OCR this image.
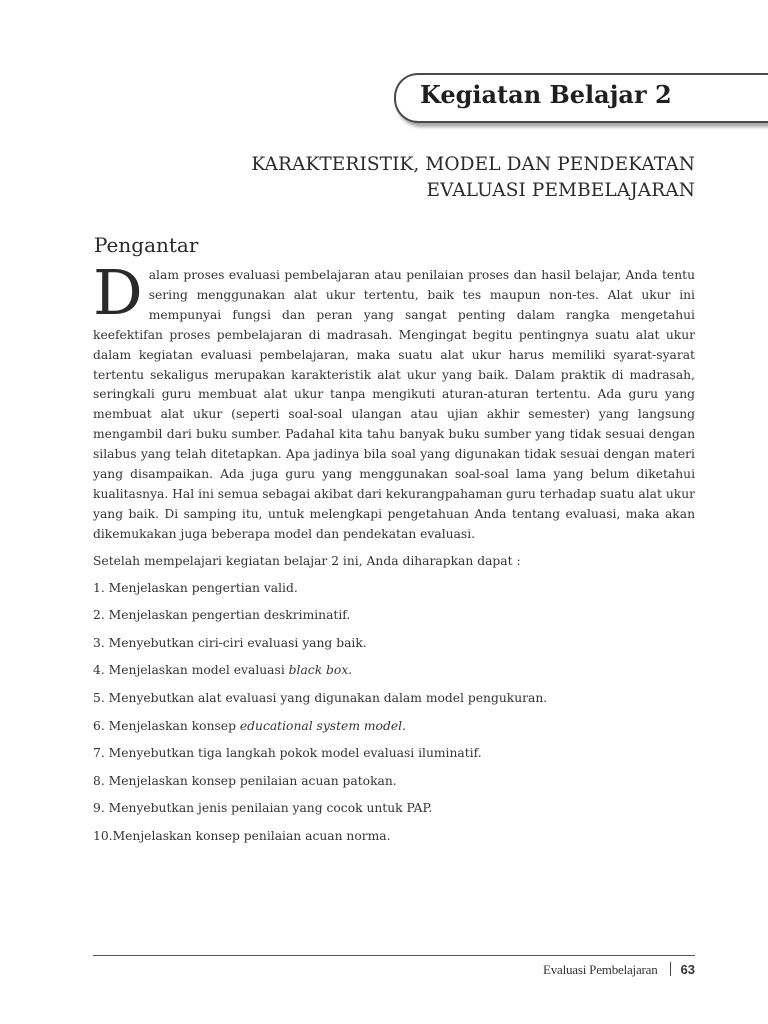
Kegiatan Belajar 2
KARAKTERISTIK, MODEL DAN PENDEKATAN
EVALUASI PEMBELAJARAN
Pengantar

Dalam proses evaluasi pembelajaran atau penilaian proses dan hasil belajar, Anda tentu sering menggunakan alat ukur tertentu, baik tes maupun non-tes. Alat ukur ini mempunyai fungsi dan peran yang sangat penting dalam rangka mengetahui keefektifan proses pembelajaran di madrasah. Mengingat begitu pentingnya suatu alat ukur dalam kegiatan evaluasi pembelajaran, maka suatu alat ukur harus memiliki syarat-syarat tertentu sekaligus merupakan karakteristik alat ukur yang baik. Dalam praktik di madrasah, seringkali guru membuat alat ukur tanpa mengikuti aturan-aturan tertentu. Ada guru yang membuat alat ukur (seperti soal-soal ulangan atau ujian akhir semester) yang langsung mengambil dari buku sumber. Padahal kita tahu banyak buku sumber yang tidak sesuai dengan silabus yang telah ditetapkan. Apa jadinya bila soal yang digunakan tidak sesuai dengan materi yang disampaikan. Ada juga guru yang menggunakan soal-soal lama yang belum diketahui kualitasnya. Hal ini semua sebagai akibat dari kekurangpahaman guru terhadap suatu alat ukur yang baik. Di samping itu, untuk melengkapi pengetahuan Anda tentang evaluasi, maka akan dikemukakan juga beberapa model dan pendekatan evaluasi.

Setelah mempelajari kegiatan belajar 2 ini, Anda diharapkan dapat :

1. Menjelaskan pengertian valid.
2. Menjelaskan pengertian deskriminatif.
3. Menyebutkan ciri-ciri evaluasi yang baik.
4. Menjelaskan model evaluasi black box.
5. Menyebutkan alat evaluasi yang digunakan dalam model pengukuran.
6. Menjelaskan konsep educational system model.
7. Menyebutkan tiga langkah pokok model evaluasi iluminatif.
8. Menjelaskan konsep penilaian acuan patokan.
9. Menyebutkan jenis penilaian yang cocok untuk PAP.
10.Menjelaskan konsep penilaian acuan norma.
Evaluasi Pembelajaran 63
